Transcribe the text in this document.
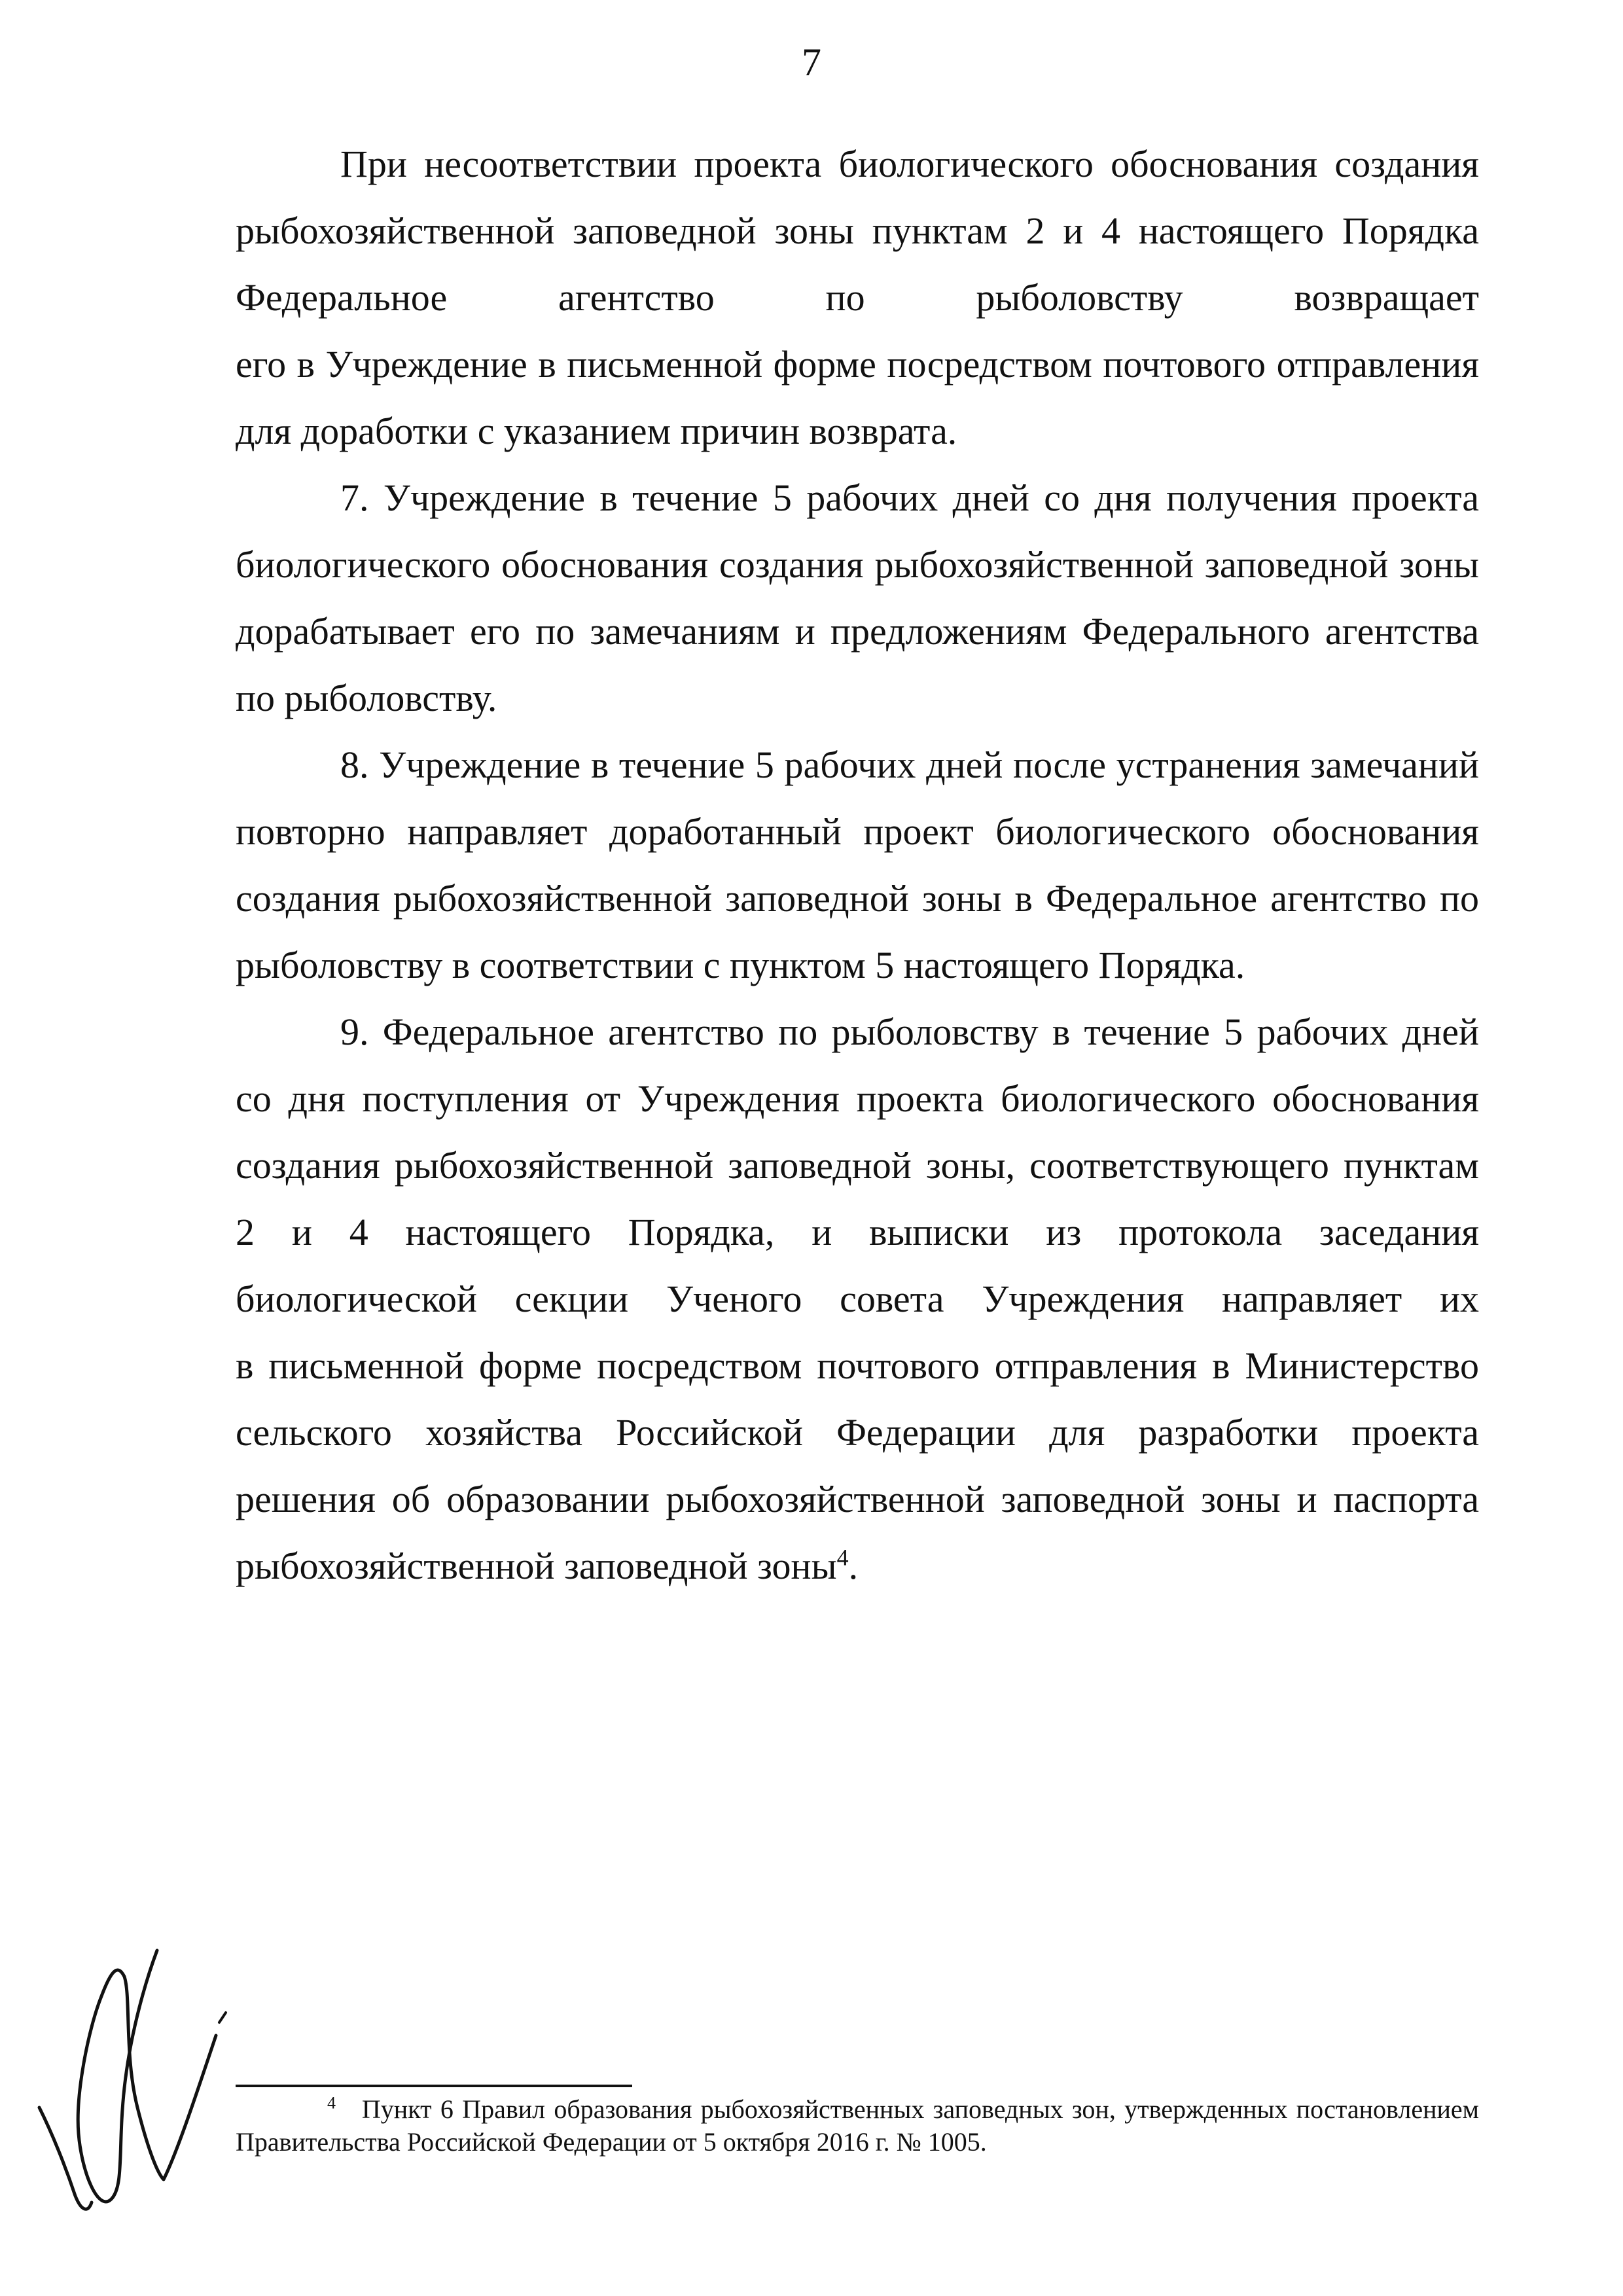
7

При несоответствии проекта биологического обоснования создания рыбохозяйственной заповедной зоны пунктам 2 и 4 настоящего Порядка Федеральное агентство по рыболовству возвращает

его в Учреждение в письменной форме посредством почтового отправления для доработки с указанием причин возврата.

7. Учреждение в течение 5 рабочих дней со дня получения проекта биологического обоснования создания рыбохозяйственной заповедной зоны дорабатывает его по замечаниям и предложениям Федерального агентства по рыболовству.

8. Учреждение в течение 5 рабочих дней после устранения замечаний повторно направляет доработанный проект биологического обоснования создания рыбохозяйственной заповедной зоны в Федеральное агентство по рыболовству в соответствии с пунктом 5 настоящего Порядка.

9. Федеральное агентство по рыболовству в течение 5 рабочих дней со дня поступления от Учреждения проекта биологического обоснования создания рыбохозяйственной заповедной зоны, соответствующего пунктам 2 и 4 настоящего Порядка, и выписки из протокола заседания биологической секции Ученого совета Учреждения направляет их

в письменной форме посредством почтового отправления в Министерство сельского хозяйства Российской Федерации для разработки проекта решения об образовании рыбохозяйственной заповедной зоны и паспорта рыбохозяйственной заповедной зоны$^4$.

$^4$ Пункт 6 Правил образования рыбохозяйственных заповедных зон, утвержденных постановлением Правительства Российской Федерации от 5 октября 2016 г. № 1005.
